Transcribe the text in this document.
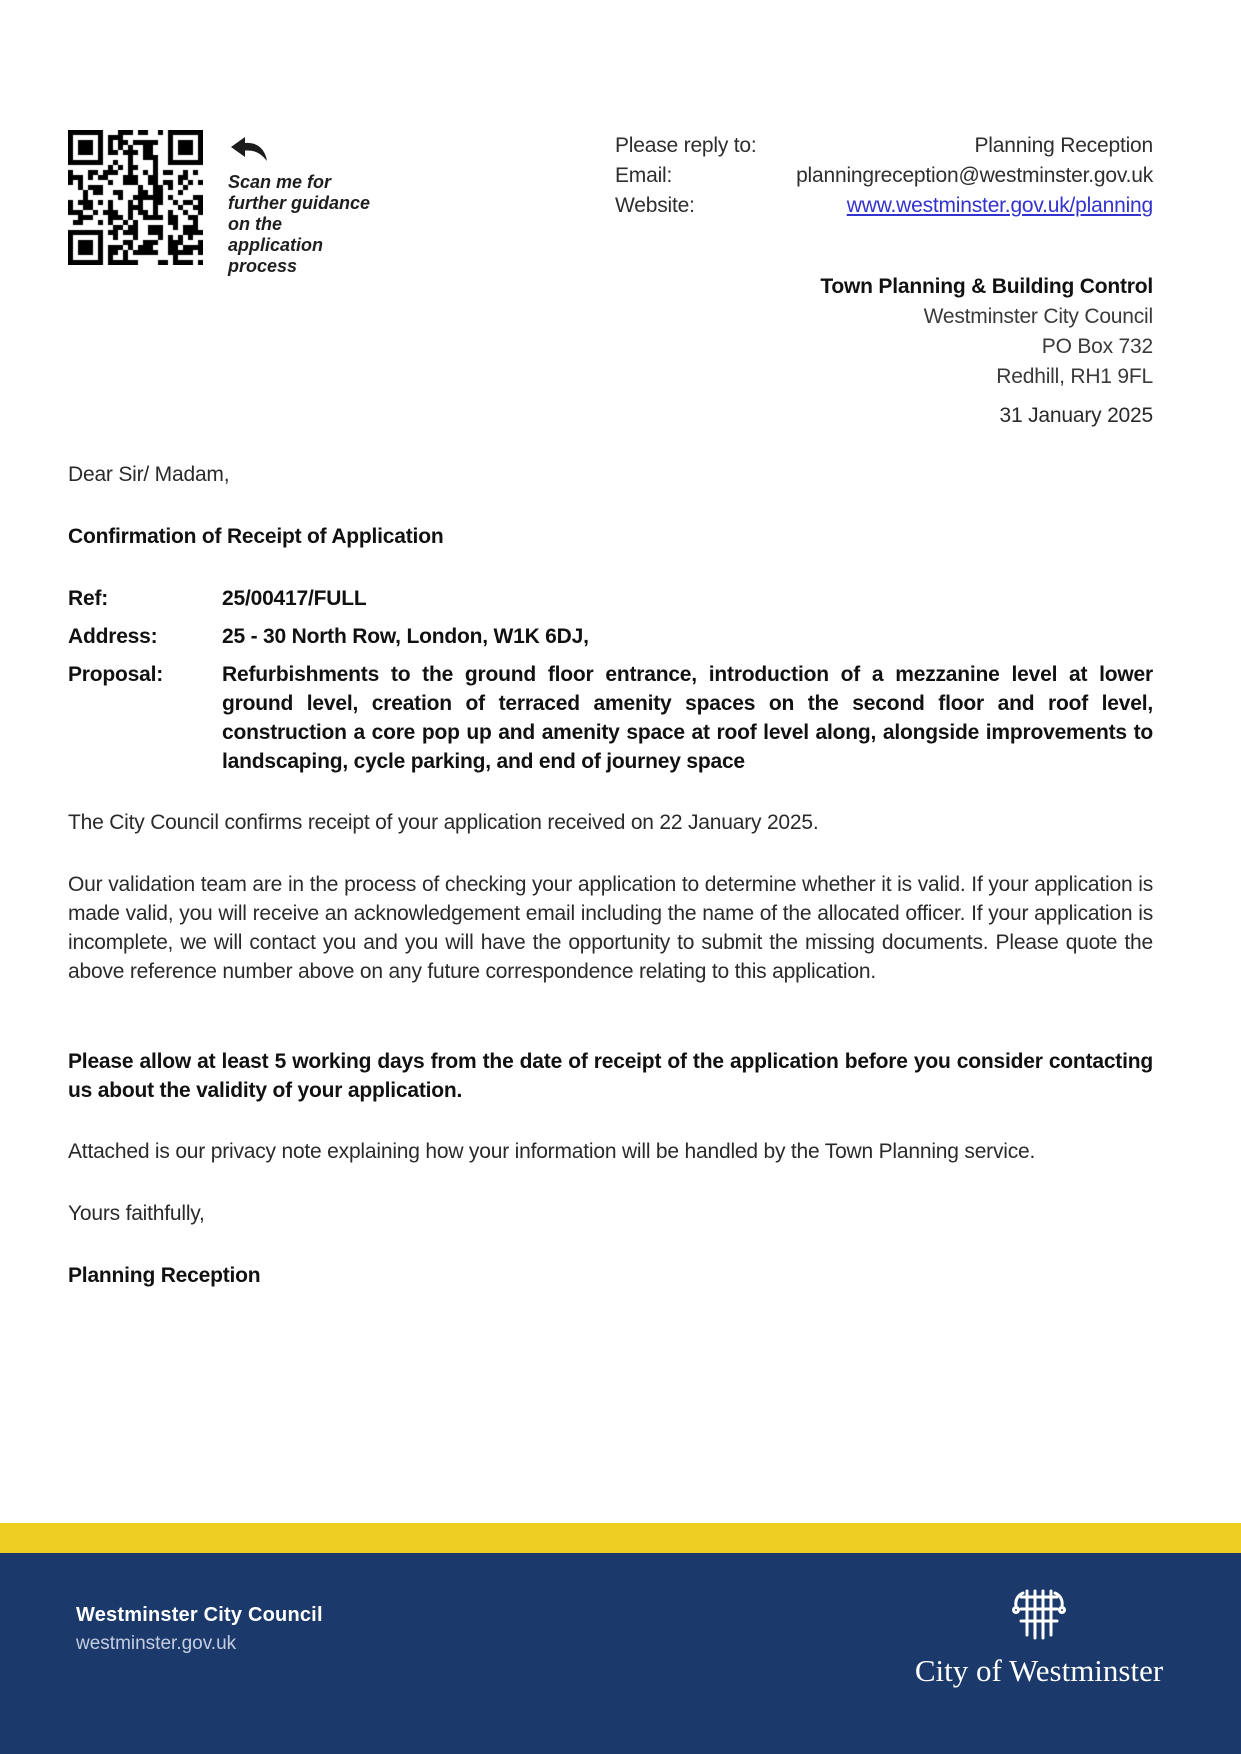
Scan me for further guidance on the application process
Please reply to:	Planning Reception
Email:	planningreception@westminster.gov.uk
Website:	www.westminster.gov.uk/planning
Town Planning & Building Control
Westminster City Council
PO Box 732
Redhill, RH1 9FL
31 January 2025
Dear Sir/ Madam,
Confirmation of Receipt of Application
Ref:	25/00417/FULL
Address:	25 - 30 North Row, London, W1K 6DJ,
Proposal:	Refurbishments to the ground floor entrance, introduction of a mezzanine level at lower ground level, creation of terraced amenity spaces on the second floor and roof level, construction a core pop up and amenity space at roof level along, alongside improvements to landscaping, cycle parking, and end of journey space
The City Council confirms receipt of your application received on 22 January 2025.
Our validation team are in the process of checking your application to determine whether it is valid. If your application is made valid, you will receive an acknowledgement email including the name of the allocated officer. If your application is incomplete, we will contact you and you will have the opportunity to submit the missing documents. Please quote the above reference number above on any future correspondence relating to this application.
Please allow at least 5 working days from the date of receipt of the application before you consider contacting us about the validity of your application.
Attached is our privacy note explaining how your information will be handled by the Town Planning service.
Yours faithfully,
Planning Reception
Westminster City Council
westminster.gov.uk
City of Westminster
